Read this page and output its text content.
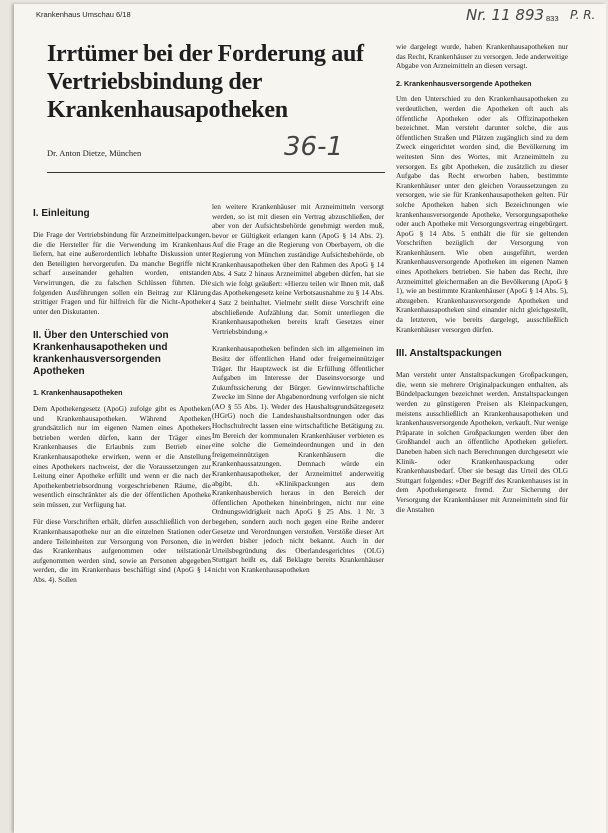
Krankenhaus Umschau 6/18	Nr. 11 893 833 P. R.
Irrtümer bei der Forderung auf Vertriebsbindung der Krankenhausapotheken
36-1
Dr. Anton Dietze, München
I. Einleitung

Die Frage der Vertriebsbindung für Arzneimittelpackungen, die die Hersteller für die Verwendung im Krankenhaus liefern, hat eine außerordentlich lebhafte Diskussion unter den Beteiligten hervorgerufen. Da manche Begriffe nicht scharf auseinander gehalten worden, entstanden Verwirrungen, die zu falschen Schlüssen führten. Die folgenden Ausführungen sollen ein Beitrag zur Klärung strittiger Fragen und für hilfreich für die Nicht-Apotheker unter den Diskutanten.

II. Über den Unterschied von Krankenhausapotheken und krankenhausversorgenden Apotheken
1. Krankenhausapotheken

Dem Apothekengesetz (ApoG) zufolge gibt es Apotheken und Krankenhausapotheken. Während Apotheken grundsätzlich nur im eigenen Namen eines Apothekers betrieben werden dürfen, kann der Träger eines Krankenhauses die Erlaubnis zum Betrieb einer Krankenhausapotheke erwirken, wenn er die Anstellung eines Apothekers nachweist, der die Voraussetzungen zur Leitung einer Apotheke erfüllt und wenn er die nach der Apothekenbetriebsordnung vorgeschriebenen Räume, die wesentlich einschränkter als die der öffentlichen Apotheke sein müssen, zur Verfügung hat.

Für diese Vorschriften erhält, dürfen ausschließlich von der Krankenhausapotheke nur an die einzelnen Stationen oder andere Teileinheiten zur Versorgung von Personen, die in das Krankenhaus aufgenommen oder teilstationär aufgenommen werden sind, sowie an Personen abgegeben werden, die im Krankenhaus beschäftigt sind (ApoG § 14 Abs. 4). Sollen

len weitere Krankenhäuser mit Arzneimitteln versorgt werden, so ist mit diesen ein Vertrag abzuschließen, der aber von der Aufsichtsbehörde genehmigt werden muß, bevor er Gültigkeit erlangen kann (ApoG § 14 Abs. 2). Auf die Frage an die Regierung von Oberbayern, ob die Regierung von München zuständige Aufsichtsbehörde, ob Krankenhausapotheken über den Rahmen des ApoG § 14 Abs. 4 Satz 2 hinaus Arzneimittel abgeben dürfen, hat sie sich wie folgt geäußert: »Hierzu teilen wir Ihnen mit, daß das Apothekengesetz keine Verbotsausnahme zu § 14 Abs. 4 Satz 2 beinhaltet. Vielmehr stellt diese Vorschrift eine abschließende Aufzählung dar. Somit unterliegen die Krankenhausapotheken bereits kraft Gesetzes einer Vertriebsbindung.«

Krankenhausapotheken befinden sich im allgemeinen im Besitz der öffentlichen Hand oder freigemeinnütziger Träger. Ihr Hauptzweck ist die Erfüllung öffentlicher Aufgaben im Interesse der Daseinsvorsorge und Zukunftssicherung der Bürger. Gewinnwirtschaftliche Zwecke im Sinne der Abgabenordnung verfolgen sie nicht (AO § 55 Abs. 1). Weder des Haushaltsgrundsätzegesetz (HGrG) noch die Landeshaushaltsordnungen oder das Hochschulrecht lassen eine wirtschaftliche Betätigung zu. Im Bereich der kommunalen Krankenhäuser verbieten es eine solche die Gemeindeordnungen und in den freigemeinnützigen Krankenhäusern die Krankenhaussatzungen. Demnach würde ein Krankenhausapotheker, der Arzneimittel anderweitig abgibt, d.h. »Klinikpackungen aus dem Krankenhausbereich heraus in den Bereich der öffentlichen Apotheken hineinbringen, nicht nur eine Ordnungswidrigkeit nach ApoG § 25 Abs. 1 Nr. 3 begehen, sondern auch noch gegen eine Reihe anderer Gesetze und Verordnungen verstoßen. Verstöße dieser Art werden bisher jedoch nicht bekannt. Auch in der Urteilsbegründung des Oberlandesgerichtes (OLG) Stuttgart heißt es, daß Beklagte bereits Krankenhäuser nicht von Krankenhausapotheken

wie dargelegt wurde, haben Krankenhausapotheken nur das Recht, Krankenhäuser zu versorgen. Jede anderweitige Abgabe von Arzneimitteln an diesen versagt.

2. Krankenhausversorgende Apotheken

Um den Unterschied zu den Krankenhausapotheken zu verdeutlichen, werden die Apotheken oft auch als öffentliche Apotheken oder als Offizinapotheken bezeichnet. Man versteht darunter solche, die aus öffentlichen Straßen und Plätzen zugänglich sind zu dem Zweck eingerichtet worden sind, die Bevölkerung im weitesten Sinn des Wortes, mit Arzneimitteln zu versorgen. Es gibt Apotheken, die zusätzlich zu dieser Aufgabe das Recht erworben haben, bestimmte Krankenhäuser unter den gleichen Voraussetzungen zu versorgen, wie sie für Krankenhausapotheken gelten. Für solche Apotheken haben sich Bezeichnungen wie krankenhausversorgende Apotheke, Versorgungsapotheke oder auch Apotheke mit Versorgungsvertrag eingebürgert. ApoG § 14 Abs. 5 enthält die für sie geltenden Vorschriften bezüglich der Versorgung von Krankenhäusern. Wie oben ausgeführt, werden Krankenhausversorgende Apotheken im eigenen Namen eines Apothekers betrieben. Sie haben das Recht, ihre Arzneimittel gleichermaßen an die Bevölkerung (ApoG § 1), wie an bestimmte Krankenhäuser (ApoG § 14 Abs. 5), abzugeben. Krankenhausversorgende Apotheken und Krankenhausapotheken sind einander nicht gleichgestellt, da letzteren, wie bereits dargelegt, ausschließlich Krankenhäuser versorgen dürfen.

III. Anstaltspackungen

Man versteht unter Anstaltspackungen Großpackungen, die, wenn sie mehrere Originalpackungen enthalten, als Bündelpackungen bezeichnet werden. Anstaltspackungen werden zu günstigeren Preisen als Kleinpackungen, meistens ausschließlich an Krankenhausapotheken und krankenhausversorgende Apotheken, verkauft. Nur wenige Präparate in solchen Großpackungen werden über den Großhandel auch an öffentliche Apotheken geliefert. Daneben haben sich nach Berechnungen durchgesetzt wie Klinik- oder Krankenhauspackung oder Krankenhausbedarf. Über sie besagt das Urteil des OLG Stuttgart folgendes: »Der Begriff des Krankenhauses ist in dem Apothekengesetz fremd. Zur Sicherung der Versorgung der Krankenhäuser mit Arzneimitteln sind für die Anstalten
